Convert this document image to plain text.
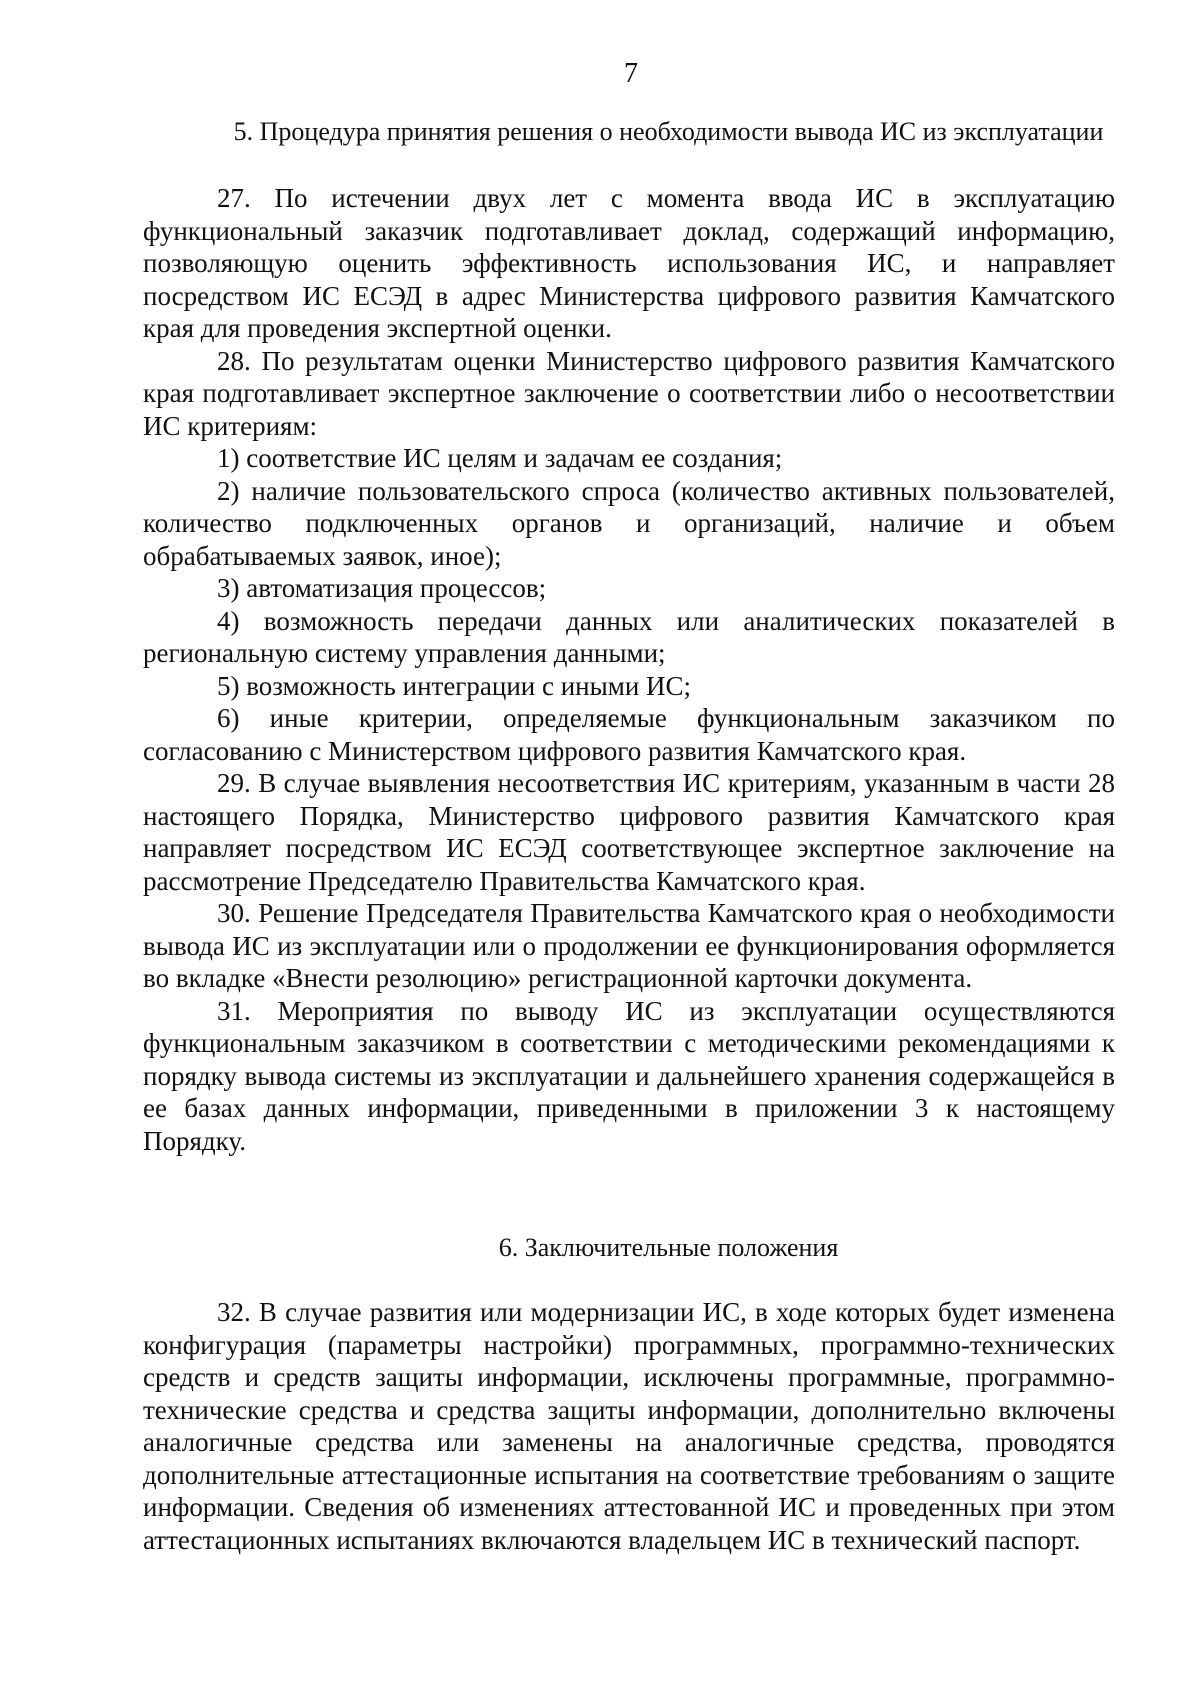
7
5. Процедура принятия решения о необходимости вывода ИС из эксплуатации

27. По истечении двух лет с момента ввода ИС в эксплуатацию функциональный заказчик подготавливает доклад, содержащий информацию, позволяющую оценить эффективность использования ИС, и направляет посредством ИС ЕСЭД в адрес Министерства цифрового развития Камчатского края для проведения экспертной оценки.

28. По результатам оценки Министерство цифрового развития Камчатского края подготавливает экспертное заключение о соответствии либо о несоответствии ИС критериям:

1) соответствие ИС целям и задачам ее создания;

2) наличие пользовательского спроса (количество активных пользователей, количество подключенных органов и организаций, наличие и объем обрабатываемых заявок, иное);

3) автоматизация процессов;

4) возможность передачи данных или аналитических показателей в региональную систему управления данными;

5) возможность интеграции с иными ИС;

6) иные критерии, определяемые функциональным заказчиком по согласованию с Министерством цифрового развития Камчатского края.

29. В случае выявления несоответствия ИС критериям, указанным в части 28 настоящего Порядка, Министерство цифрового развития Камчатского края направляет посредством ИС ЕСЭД соответствующее экспертное заключение на рассмотрение Председателю Правительства Камчатского края.

30. Решение Председателя Правительства Камчатского края о необходимости вывода ИС из эксплуатации или о продолжении ее функционирования оформляется во вкладке «Внести резолюцию» регистрационной карточки документа.

31. Мероприятия по выводу ИС из эксплуатации осуществляются функциональным заказчиком в соответствии с методическими рекомендациями к порядку вывода системы из эксплуатации и дальнейшего хранения содержащейся в ее базах данных информации, приведенными в приложении 3 к настоящему Порядку.

6. Заключительные положения

32. В случае развития или модернизации ИС, в ходе которых будет изменена конфигурация (параметры настройки) программных, программно-технических средств и средств защиты информации, исключены программные, программно-технические средства и средства защиты информации, дополнительно включены аналогичные средства или заменены на аналогичные средства, проводятся дополнительные аттестационные испытания на соответствие требованиям о защите информации. Сведения об изменениях аттестованной ИС и проведенных при этом аттестационных испытаниях включаются владельцем ИС в технический паспорт.
